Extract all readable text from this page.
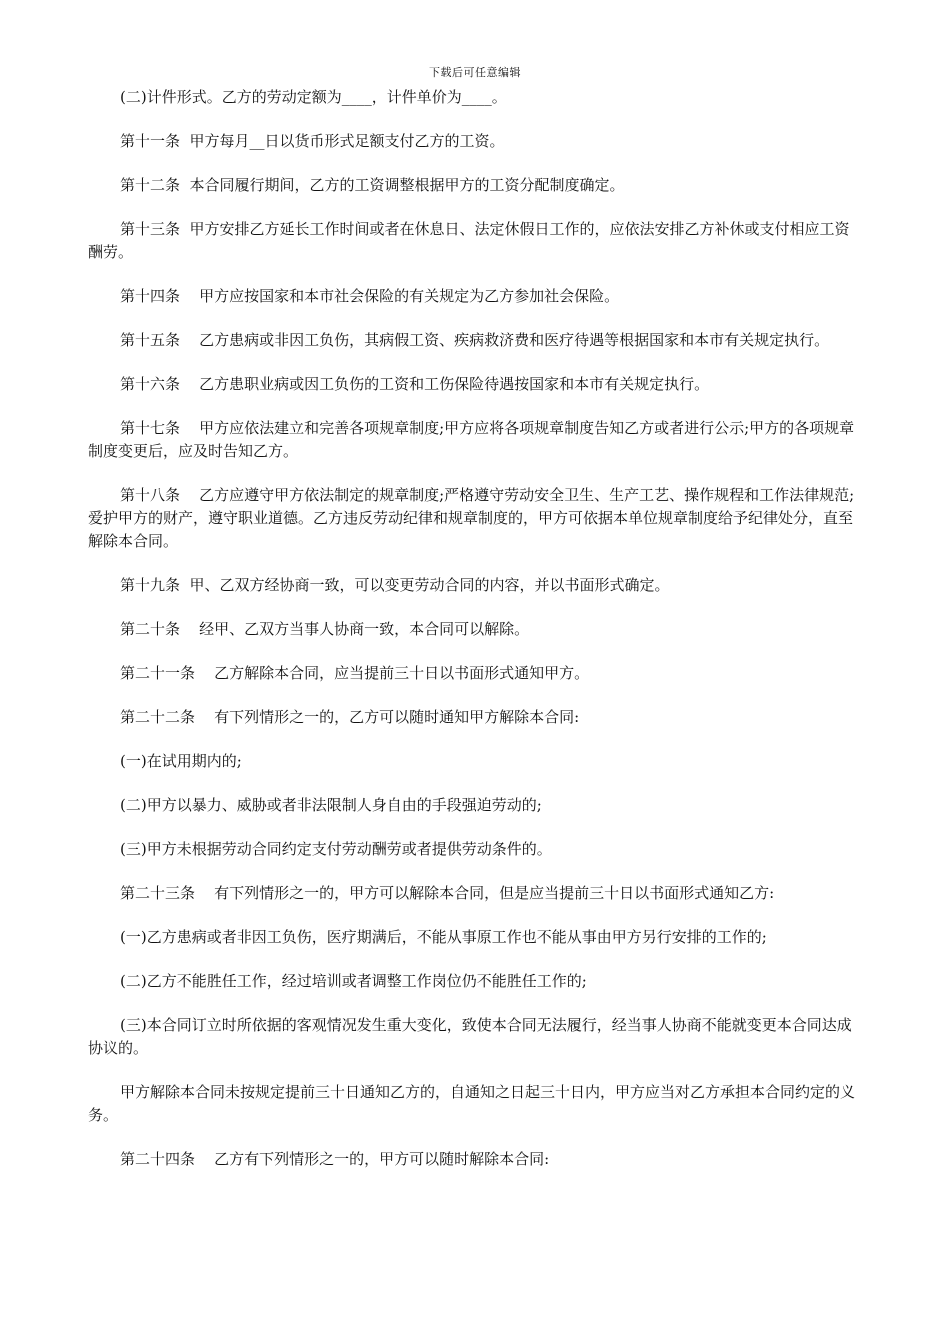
下载后可任意编辑

(二)计件形式。乙方的劳动定额为____，计件单价为____。

第十一条  甲方每月__日以货币形式足额支付乙方的工资。

第十二条  本合同履行期间，乙方的工资调整根据甲方的工资分配制度确定。

第十三条  甲方安排乙方延长工作时间或者在休息日、法定休假日工作的，应依法安排乙方补休或支付相应工资酬劳。

第十四条    甲方应按国家和本市社会保险的有关规定为乙方参加社会保险。

第十五条    乙方患病或非因工负伤，其病假工资、疾病救济费和医疗待遇等根据国家和本市有关规定执行。

第十六条    乙方患职业病或因工负伤的工资和工伤保险待遇按国家和本市有关规定执行。

第十七条    甲方应依法建立和完善各项规章制度;甲方应将各项规章制度告知乙方或者进行公示;甲方的各项规章制度变更后，应及时告知乙方。

第十八条    乙方应遵守甲方依法制定的规章制度;严格遵守劳动安全卫生、生产工艺、操作规程和工作法律规范;爱护甲方的财产，遵守职业道德。乙方违反劳动纪律和规章制度的，甲方可依据本单位规章制度给予纪律处分，直至解除本合同。

第十九条  甲、乙双方经协商一致，可以变更劳动合同的内容，并以书面形式确定。

第二十条    经甲、乙双方当事人协商一致，本合同可以解除。

第二十一条    乙方解除本合同，应当提前三十日以书面形式通知甲方。

第二十二条    有下列情形之一的，乙方可以随时通知甲方解除本合同:

(一)在试用期内的;

(二)甲方以暴力、威胁或者非法限制人身自由的手段强迫劳动的;

(三)甲方未根据劳动合同约定支付劳动酬劳或者提供劳动条件的。

第二十三条    有下列情形之一的，甲方可以解除本合同，但是应当提前三十日以书面形式通知乙方:

(一)乙方患病或者非因工负伤，医疗期满后，不能从事原工作也不能从事由甲方另行安排的工作的;

(二)乙方不能胜任工作，经过培训或者调整工作岗位仍不能胜任工作的;

(三)本合同订立时所依据的客观情况发生重大变化，致使本合同无法履行，经当事人协商不能就变更本合同达成协议的。

甲方解除本合同未按规定提前三十日通知乙方的，自通知之日起三十日内，甲方应当对乙方承担本合同约定的义务。

第二十四条    乙方有下列情形之一的，甲方可以随时解除本合同:
